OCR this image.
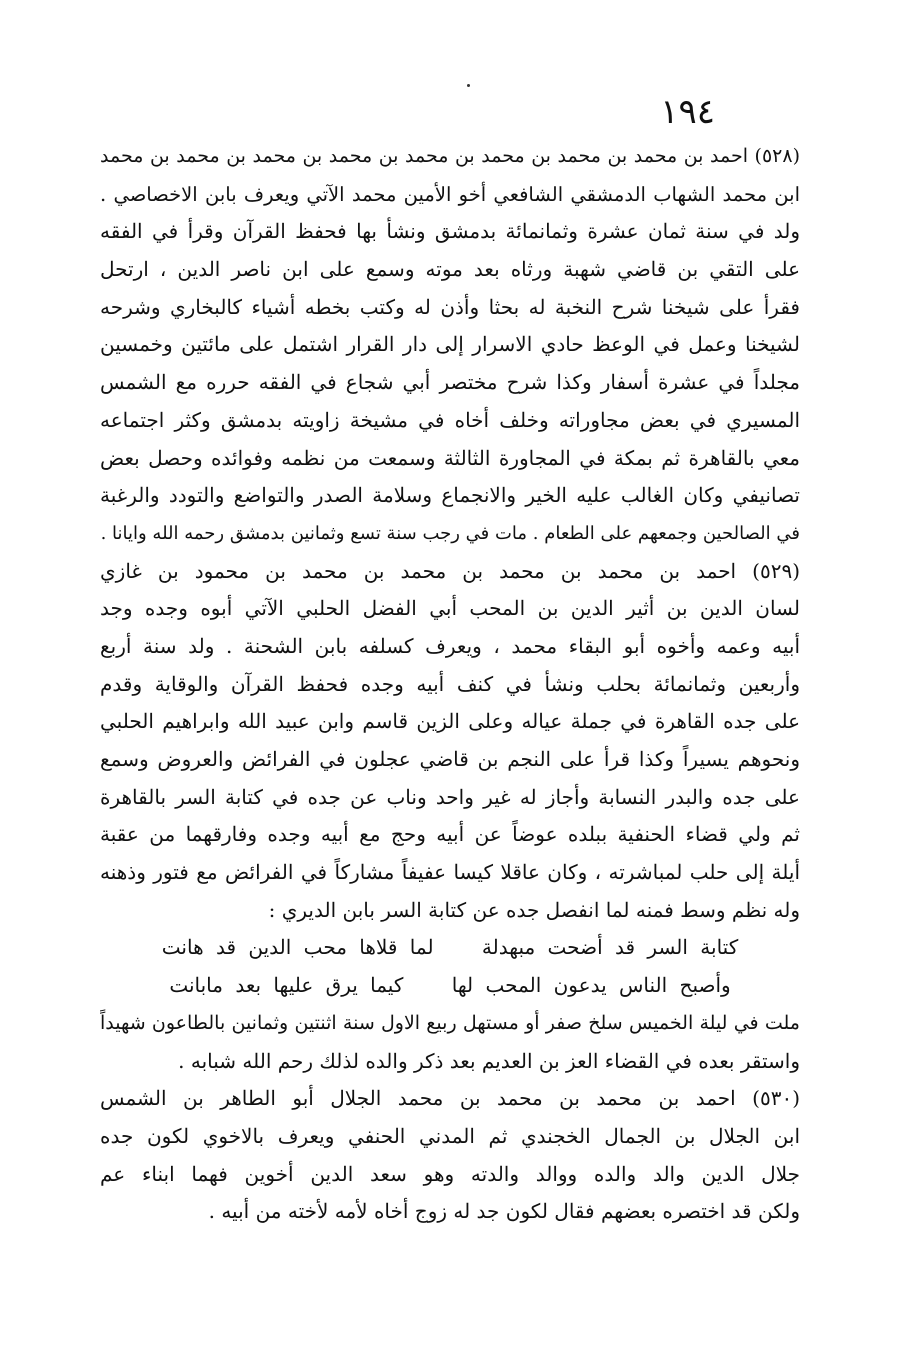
١٩٤
(٥٢٨) احمد بن محمد بن محمد بن محمد بن محمد بن محمد بن محمد بن محمد بن محمد
ابن محمد الشهاب الدمشقي الشافعي أخو الأمين محمد الآتي ويعرف بابن الاخصاصي .
ولد في سنة ثمان عشرة وثمانمائة بدمشق ونشأ بها فحفظ القرآن وقرأ في الفقه
على التقي بن قاضي شهبة ورثاه بعد موته وسمع على ابن ناصر الدين ، ارتحل
فقرأ على شيخنا شرح النخبة له بحثا وأذن له وكتب بخطه أشياء كالبخاري وشرحه
لشيخنا وعمل في الوعظ حادي الاسرار إلى دار القرار اشتمل على مائتين وخمسين
مجلداً في عشرة أسفار وكذا شرح مختصر أبي شجاع في الفقه حرره مع الشمس
المسيري في بعض مجاوراته وخلف أخاه في مشيخة زاويته بدمشق وكثر اجتماعه
معي بالقاهرة ثم بمكة في المجاورة الثالثة وسمعت من نظمه وفوائده وحصل بعض
تصانيفي وكان الغالب عليه الخير والانجماع وسلامة الصدر والتواضع والتودد والرغبة
في الصالحين وجمعهم على الطعام . مات في رجب سنة تسع وثمانين بدمشق رحمه الله وايانا .
(٥٢٩) احمد بن محمد بن محمد بن محمد بن محمد بن محمود بن غازي
لسان الدين بن أثير الدين بن المحب أبي الفضل الحلبي الآتي أبوه وجده وجد
أبيه وعمه وأخوه أبو البقاء محمد ، ويعرف كسلفه بابن الشحنة . ولد سنة أربع
وأربعين وثمانمائة بحلب ونشأ في كنف أبيه وجده فحفظ القرآن والوقاية وقدم
على جده القاهرة في جملة عياله وعلى الزين قاسم وابن عبيد الله وابراهيم الحلبي
ونحوهم يسيراً وكذا قرأ على النجم بن قاضي عجلون في الفرائض والعروض وسمع
على جده والبدر النسابة وأجاز له غير واحد وناب عن جده في كتابة السر بالقاهرة
ثم ولي قضاء الحنفية ببلده عوضاً عن أبيه وحج مع أبيه وجده وفارقهما من عقبة
أيلة إلى حلب لمباشرته ، وكان عاقلا كيسا عفيفاً مشاركاً في الفرائض مع فتور وذهنه
وله نظم وسط فمنه لما انفصل جده عن كتابة السر بابن الديري :
كتابة السر قد أضحت مبهدلة لما قلاها محب الدين قد هانت
وأصبح الناس يدعون المحب لها كيما يرق عليها بعد مابانت
ملت في ليلة الخميس سلخ صفر أو مستهل ربيع الاول سنة اثنتين وثمانين بالطاعون شهيداً
واستقر بعده في القضاء العز بن العديم بعد ذكر والده لذلك رحم الله شبابه .
(٥٣٠) احمد بن محمد بن محمد بن محمد الجلال أبو الطاهر بن الشمس
ابن الجلال بن الجمال الخجندي ثم المدني الحنفي ويعرف بالاخوي لكون جده
جلال الدين والد والده ووالد والدته وهو سعد الدين أخوين فهما ابناء عم
ولكن قد اختصره بعضهم فقال لكون جد له زوج أخاه لأمه لأخته من أبيه .
